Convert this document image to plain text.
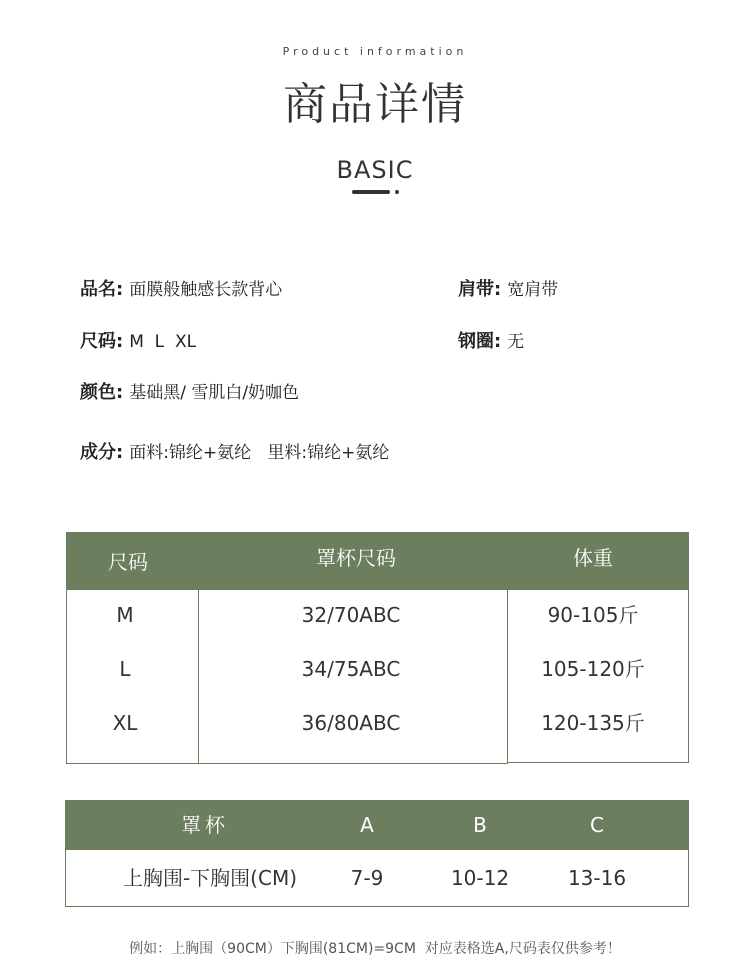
Product information
商品详情
BASIC
品名: 面膜般触感长款背心	肩带: 宽肩带
尺码: M  L  XL	钢圈: 无
颜色: 基础黑/ 雪肌白/奶咖色
成分: 面料:锦纶+氨纶   里料:锦纶+氨纶
尺码	罩杯尺码	体重
M	32/70ABC	90-105斤
L	34/75ABC	105-120斤
XL	36/80ABC	120-135斤
罩杯	A	B	C
上胸围-下胸围(CM)	7-9	10-12	13-16
例如：上胸围（90CM）下胸围(81CM)=9CM  对应表格选A,尺码表仅供参考！
